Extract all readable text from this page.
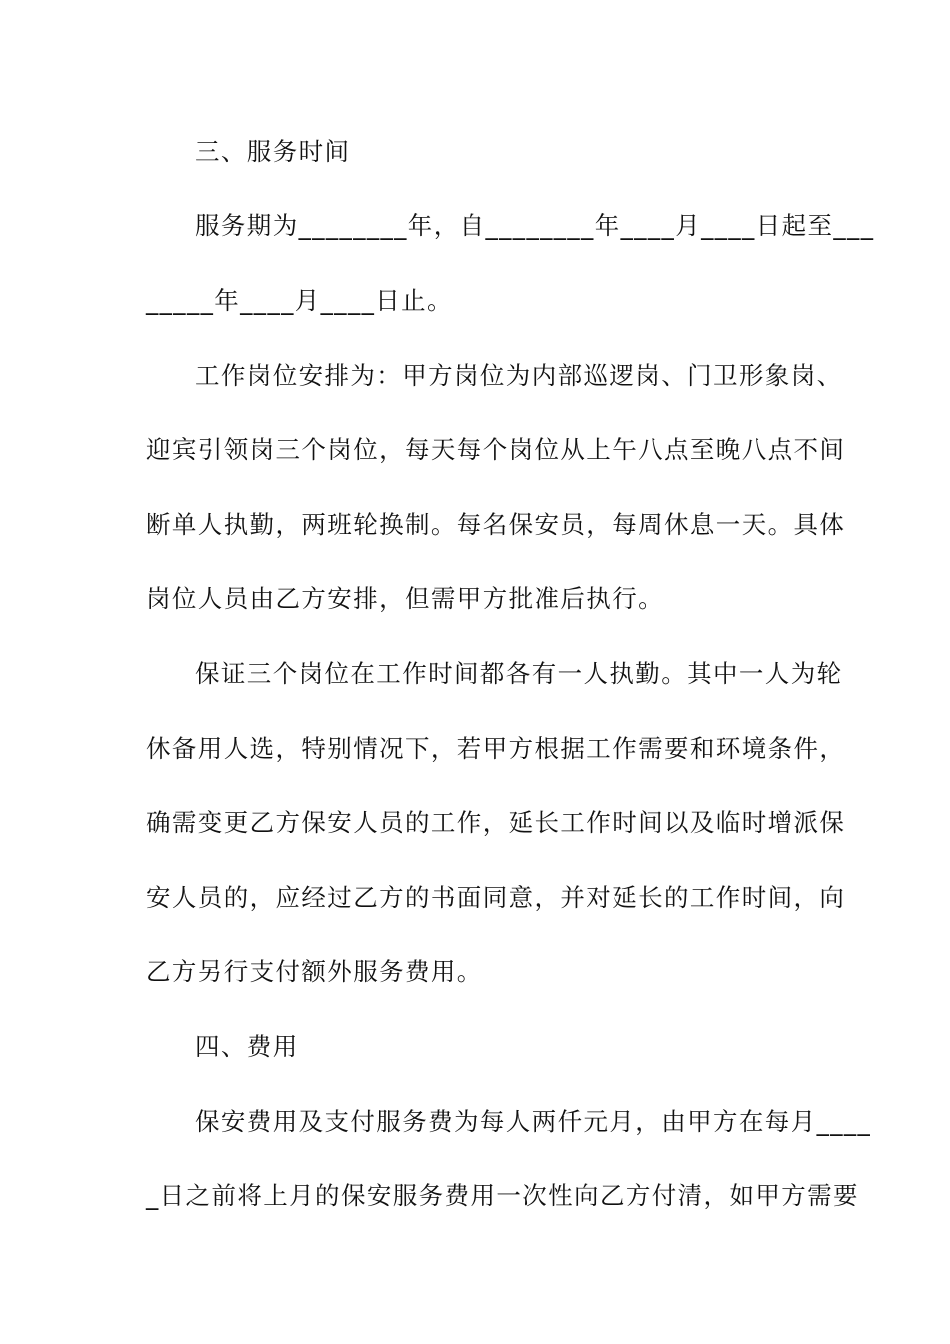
三、服务时间
服务期为________年，自________年____月____日起至___
_____年____月____日止。
工作岗位安排为：甲方岗位为内部巡逻岗、门卫形象岗、
迎宾引领岗三个岗位，每天每个岗位从上午八点至晚八点不间
断单人执勤，两班轮换制。每名保安员，每周休息一天。具体
岗位人员由乙方安排，但需甲方批准后执行。
保证三个岗位在工作时间都各有一人执勤。其中一人为轮
休备用人选，特别情况下，若甲方根据工作需要和环境条件，
确需变更乙方保安人员的工作，延长工作时间以及临时增派保
安人员的，应经过乙方的书面同意，并对延长的工作时间，向
乙方另行支付额外服务费用。
四、费用
保安费用及支付服务费为每人两仟元月，由甲方在每月____
_日之前将上月的保安服务费用一次性向乙方付清，如甲方需要
